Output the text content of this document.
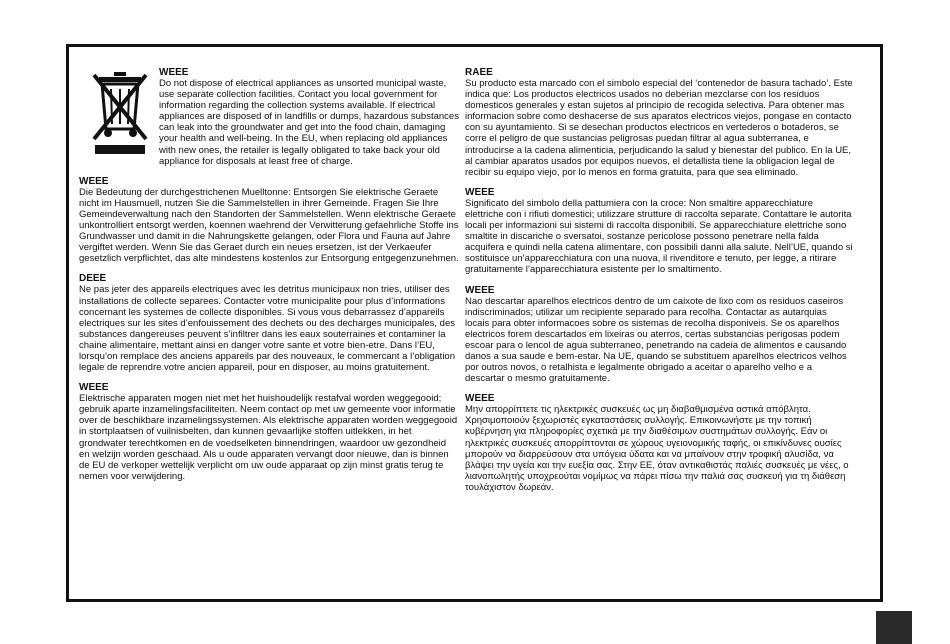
WEEE
Do not dispose of electrical appliances as unsorted municipal waste, use separate collection facilities. Contact you local government for information regarding the collection systems available. If electrical appliances are disposed of in landfills or dumps, hazardous substances can leak into the groundwater and get into the food chain, damaging your health and well-being. In the EU, when replacing old appliances with new ones, the retailer is legally obligated to take back your old appliance for disposals at least free of charge.
WEEE
Die Bedeutung der durchgestrichenen Muelltonne: Entsorgen Sie elektrische Geraete nicht im Hausmuell, nutzen Sie die Sammelstellen in ihrer Gemeinde. Fragen Sie Ihre Gemeindeverwaltung nach den Standorten der Sammelstellen. Wenn elektrische Geraete unkontrolliert entsorgt werden, koennen waehrend der Verwitterung gefaehrliche Stoffe ins Grundwasser und damit in die Nahrungskette gelangen, oder Flora und Fauna auf Jahre vergiftet werden. Wenn Sie das Geraet durch ein neues ersetzen, ist der Verkaeufer gesetzlich verpflichtet, das alte mindestens kostenlos zur Entsorgung entgegenzunehmen.
DEEE
Ne pas jeter des appareils electriques avec les detritus municipaux non tries, utiliser des installations de collecte separees. Contacter votre municipalite pour plus d’informations concernant les systemes de collecte disponibles. Si vous vous debarrassez d’appareils electriques sur les sites d’enfouissement des dechets ou des decharges municipales, des substances dangereuses peuvent s’infiltrer dans les eaux souterraines et contaminer la chaine alimentaire, mettant ainsi en danger votre sante et votre bien-etre. Dans l’EU, lorsqu’on remplace des anciens appareils par des nouveaux, le commercant a l’obligation legale de reprendre votre ancien appareil, pour en disposer, au moins gratuitement.
WEEE
Elektrische apparaten mogen niet met het huishoudelijk restafval worden weggegooid; gebruik aparte inzamelingsfaciliteiten. Neem contact op met uw gemeente voor informatie over de beschikbare inzamelingssystemen. Als elektrische apparaten worden weggegooid in stortplaatsen of vuilnisbelten, dan kunnen gevaarlijke stoffen uitlekken, in het grondwater terechtkomen en de voedselketen binnendringen, waardoor uw gezondheid en welzijn worden geschaad. Als u oude apparaten vervangt door nieuwe, dan is binnen de EU de verkoper wettelijk verplicht om uw oude apparaat op zijn minst gratis terug te nemen voor verwijdering.
RAEE
Su producto esta marcado con el simbolo especial del ‘contenedor de basura tachado’. Este indica que: Los productos electricos usados no deberian mezclarse con los residuos domesticos generales y estan sujetos al principio de recogida selectiva. Para obtener mas informacion sobre como deshacerse de sus aparatos electricos viejos, pongase en contacto con su ayuntamiento. Si se desechan productos electricos en vertederos o botaderos, se corre el peligro de que sustancias peligrosas puedan filtrar al agua subterranea, e introducirse a la cadena alimenticia, perjudicando la salud y bienestar del publico. En la UE, al cambiar aparatos usados por equipos nuevos, el detallista tiene la obligacion legal de recibir su equipo viejo, por lo menos en forma gratuita, para que sea eliminado.
WEEE
Significato del simbolo della pattumiera con la croce: Non smaltire apparecchiature elettriche con i rifiuti domestici; utilizzare strutture di raccolta separate. Contattare le autorita locali per informazioni sui sistemi di raccolta disponibili. Se apparecchiature elettriche sono smaltite in discariche o sversatoi, sostanze pericolose possono penetrare nella falda acquifera e quindi nella catena alimentare, con possibili danni alla salute. Nell’UE, quando si sostituisce un’apparecchiatura con una nuova, il rivenditore e tenuto, per legge, a ritirare gratuitamente l’apparecchiatura esistente per lo smaltimento.
WEEE
Nao descartar aparelhos electricos dentro de um caixote de lixo com os residuos caseiros indiscriminados; utilizar um recipiente separado para recolha. Contactar as autarquias locais para obter informacoes sobre os sistemas de recolha disponiveis. Se os aparelhos electricos forem descartados em lixeiras ou aterros, certas substancias perigosas podem escoar para o lencol de agua subterraneo, penetrando na cadeia de alimentos e causando danos a sua saude e bem-estar. Na UE, quando se substituem aparelhos electricos velhos por outros novos, o retalhista e legalmente obrigado a aceitar o aparelho velho e a descartar o mesmo gratuitamente.
WEEE
Μην απορρίπτετε τις ηλεκτρικές συσκευές ως μη διαβαθμισμένα αστικά απόβλητα. Χρησιμοποιούν ξεχωριστές εγκαταστάσεις συλλογής. Επικοινωνήστε με την τοπική κυβέρνηση για πληροφορίες σχετικά με την διαθέσιμων συστημάτων συλλογής. Εάν οι ηλεκτρικές συσκευές απορρίπτονται σε χώρους υγειονομικής ταφής, οι επικίνδυνες ουσίες μπορούν να διαρρεύσουν στα υπόγεια ύδατα και να μπαίνουν στην τροφική αλυσίδα, να βλάψει την υγεία και την ευεξία σας. Στην ΕΕ, όταν αντικαθιστάς παλιές συσκευές με νέες, ο λιανοπωλητής υποχρεούται νομίμως να πάρει πίσω την παλιά σας συσκευή για τη διάθεση τουλάχιστον δωρεάν.
